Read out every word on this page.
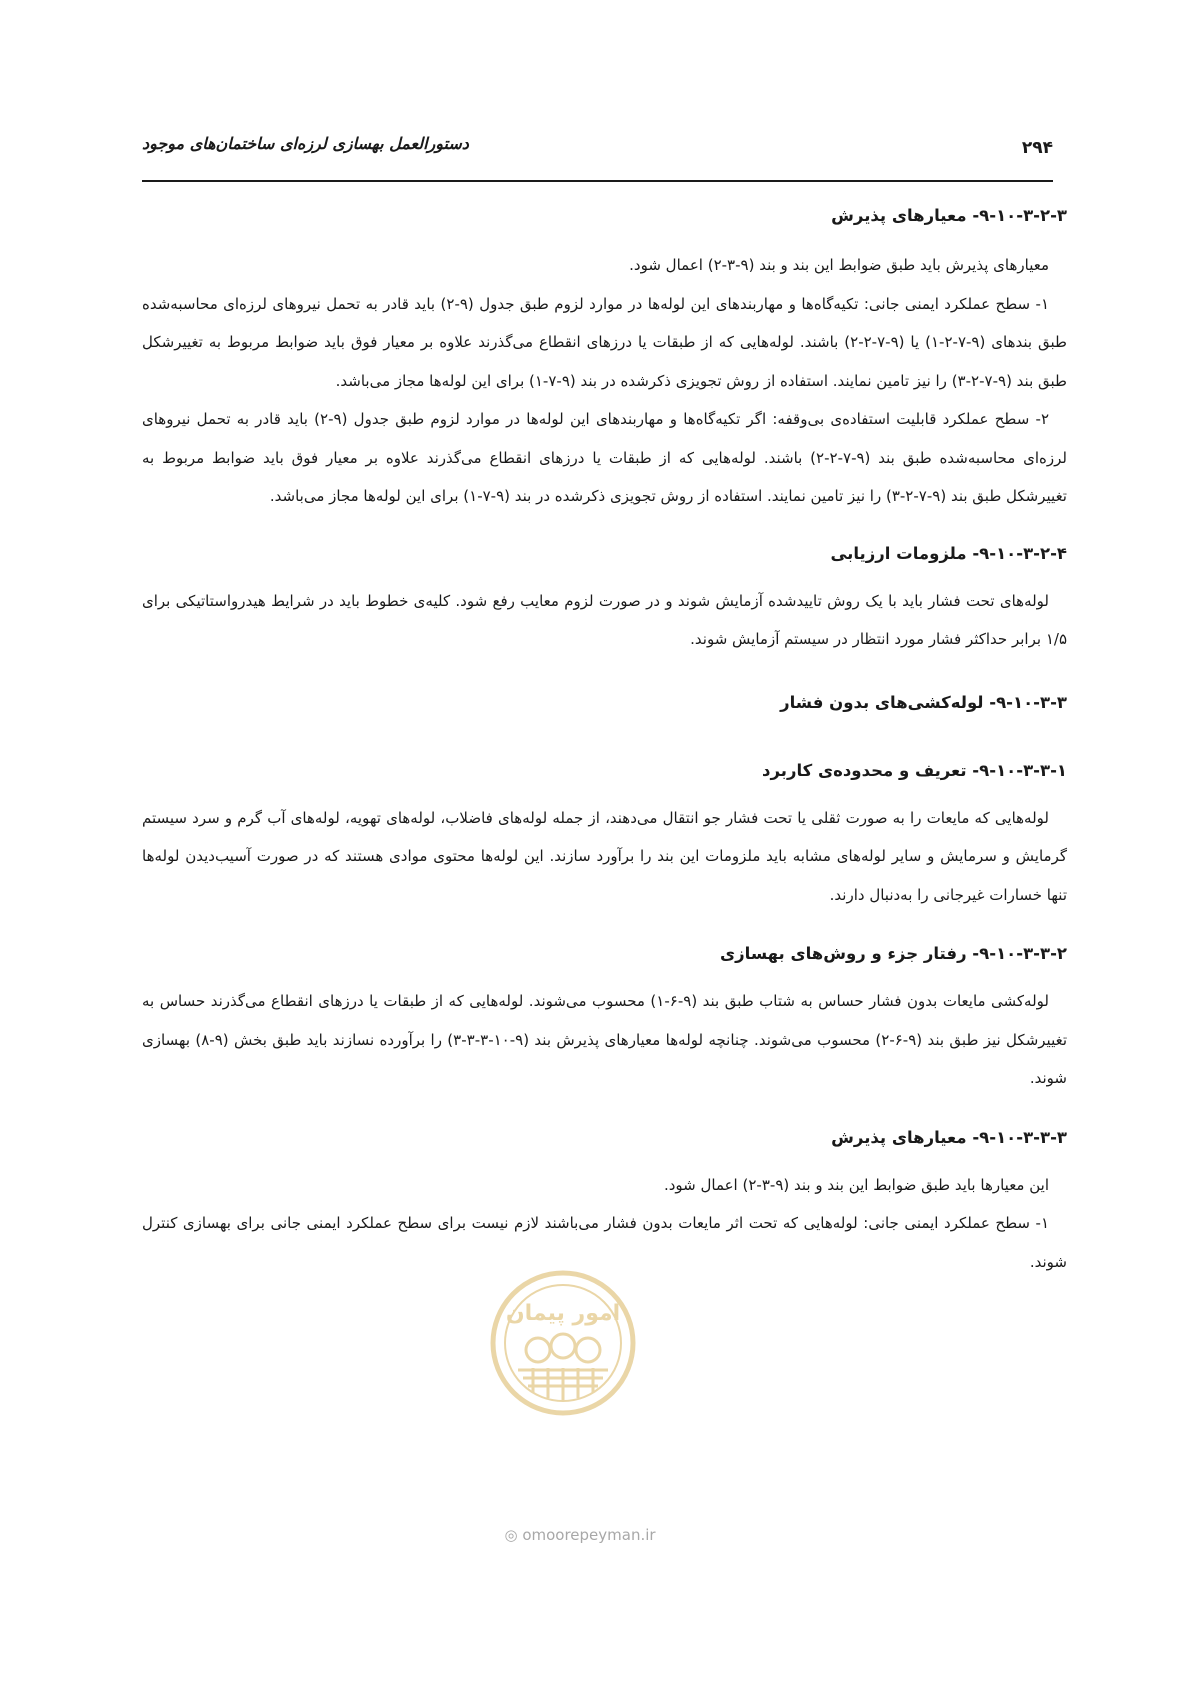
۲۹۴
دستورالعمل بهسازی لرزه‌ای ساختمان‌های موجود
۹-۱۰-۳-۲-۳- معیارهای پذیرش

معیارهای پذیرش باید طبق ضوابط این بند و بند (۹-۳-۲) اعمال شود.

۱- سطح عملکرد ایمنی جانی: تکیه‌گاه‌ها و مهاربندهای این لوله‌ها در موارد لزوم طبق جدول (۹-۲) باید قادر به تحمل نیروهای لرزه‌ای محاسبه‌شده طبق بندهای (۹-۷-۲-۱) یا (۹-۷-۲-۲) باشند. لوله‌هایی که از طبقات یا درزهای انقطاع می‌گذرند علاوه بر معیار فوق باید ضوابط مربوط به تغییرشکل طبق بند (۹-۷-۲-۳) را نیز تامین نمایند. استفاده از روش تجویزی ذکرشده در بند (۹-۷-۱) برای این لوله‌ها مجاز می‌باشد.

۲- سطح عملکرد قابلیت استفاده‌ی بی‌وقفه: اگر تکیه‌گاه‌ها و مهاربندهای این لوله‌ها در موارد لزوم طبق جدول (۹-۲) باید قادر به تحمل نیروهای لرزه‌ای محاسبه‌شده طبق بند (۹-۷-۲-۲) باشند. لوله‌هایی که از طبقات یا درزهای انقطاع می‌گذرند علاوه بر معیار فوق باید ضوابط مربوط به تغییرشکل طبق بند (۹-۷-۲-۳) را نیز تامین نمایند. استفاده از روش تجویزی ذکرشده در بند (۹-۷-۱) برای این لوله‌ها مجاز می‌باشد.

۹-۱۰-۳-۲-۴- ملزومات ارزیابی

لوله‌های تحت فشار باید با یک روش تاییدشده آزمایش شوند و در صورت لزوم معایب رفع شود. کلیه‌ی خطوط باید در شرایط هیدرواستاتیکی برای ۱/۵ برابر حداکثر فشار مورد انتظار در سیستم آزمایش شوند.

۹-۱۰-۳-۳- لوله‌کشی‌های بدون فشار
۹-۱۰-۳-۳-۱- تعریف و محدوده‌ی کاربرد

لوله‌هایی که مایعات را به صورت ثقلی یا تحت فشار جو انتقال می‌دهند، از جمله لوله‌های فاضلاب، لوله‌های تهویه، لوله‌های آب گرم و سرد سیستم گرمایش و سرمایش و سایر لوله‌های مشابه باید ملزومات این بند را برآورد سازند. این لوله‌ها محتوی موادی هستند که در صورت آسیب‌دیدن لوله‌ها تنها خسارات غیرجانی را به‌دنبال دارند.

۹-۱۰-۳-۳-۲- رفتار جزء و روش‌های بهسازی

لوله‌کشی مایعات بدون فشار حساس به شتاب طبق بند (۹-۶-۱) محسوب می‌شوند. لوله‌هایی که از طبقات یا درزهای انقطاع می‌گذرند حساس به تغییرشکل نیز طبق بند (۹-۶-۲) محسوب می‌شوند. چنانچه لوله‌ها معیارهای پذیرش بند (۹-۱۰-۳-۳-۳) را برآورده نسازند باید طبق بخش (۹-۸) بهسازی شوند.

۹-۱۰-۳-۳-۳- معیارهای پذیرش

این معیارها باید طبق ضوابط این بند و بند (۹-۳-۲) اعمال شود.

۱- سطح عملکرد ایمنی جانی: لوله‌هایی که تحت اثر مایعات بدون فشار می‌باشند لازم نیست برای سطح عملکرد ایمنی جانی برای بهسازی کنترل شوند.

امور پیمان
◎ omoorepeyman.ir
